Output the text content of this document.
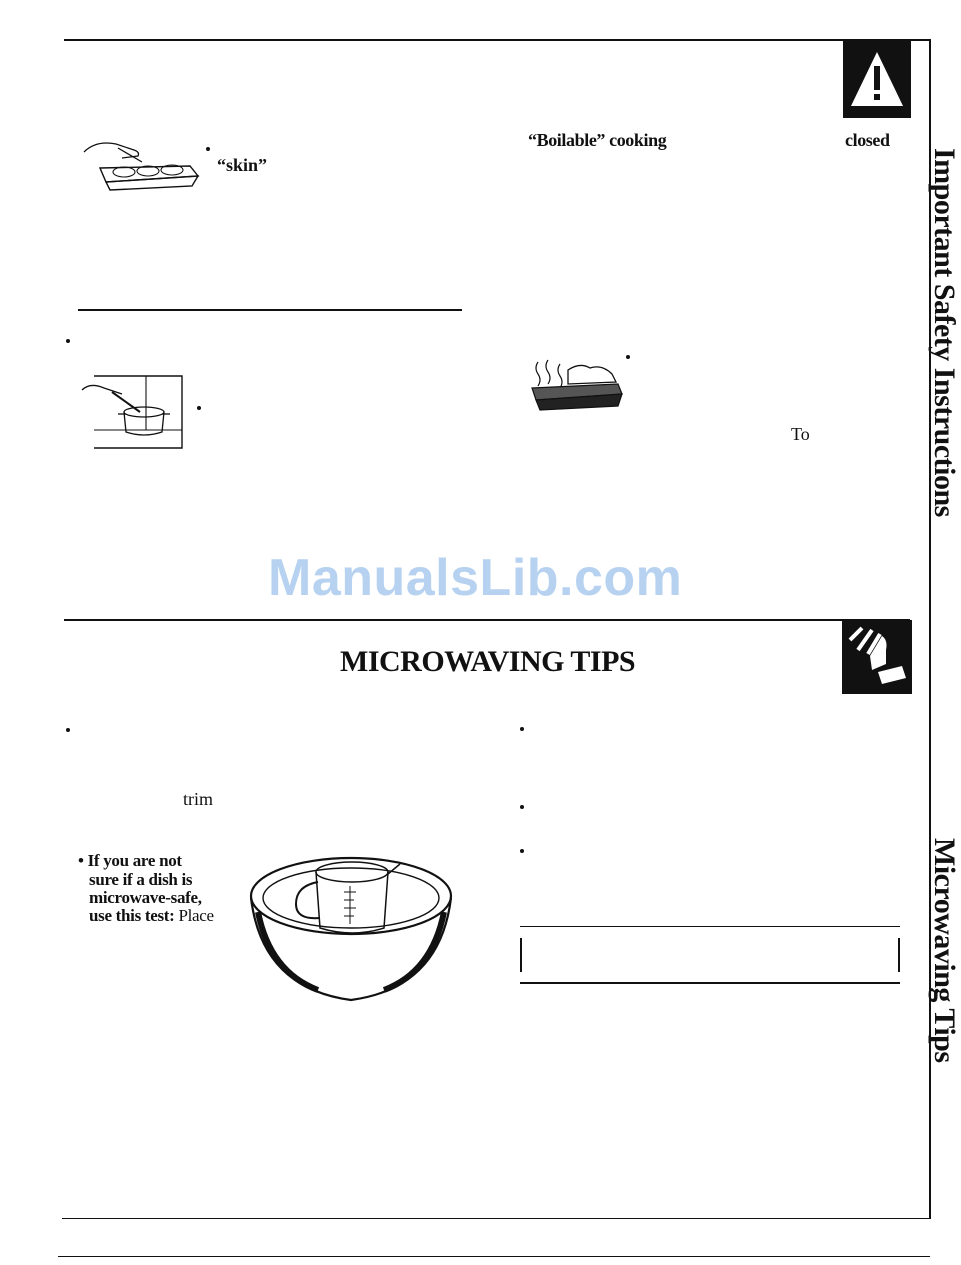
“skin”
“Boilable” cooking	closed
To	Important Safety Instructions
ManualsLib.com
MICROWAVING TIPS
trim
• If you are not
sure if a dish is
microwave-safe,
use this test: Place	Microwaving Tips
